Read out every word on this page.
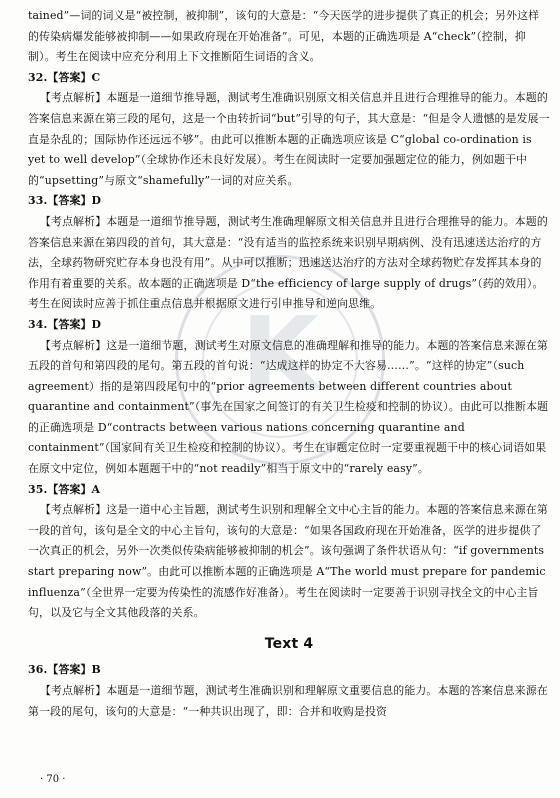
K

tained”—词的词义是“被控制，被抑制”，该句的大意是：“今天医学的进步提供了真正的机会；另外这样的传染病爆发能够被抑制——如果政府现在开始准备”。可见，本题的正确选项是 A“check”（控制，抑制）。考生在阅读中应充分利用上下文推断陌生词语的含义。

32.【答案】C

【考点解析】本题是一道细节推导题，测试考生准确识别原文相关信息并且进行合理推导的能力。本题的答案信息来源在第三段的尾句，这是一个由转折词“but”引导的句子，其大意是：“但是令人遗憾的是发展一直是杂乱的；国际协作还远远不够”。由此可以推断本题的正确选项应该是 C“global co-ordination is yet to well develop”（全球协作还未良好发展）。考生在阅读时一定要加强题定位的能力，例如题干中的“upsetting”与原文“shamefully”一词的对应关系。

33.【答案】D

【考点解析】本题是一道细节推导题，测试考生准确理解原文相关信息并且进行合理推导的能力。本题的答案信息来源在第四段的首句，其大意是：“没有适当的监控系统来识别早期病例、没有迅速送达治疗的方法，全球药物研究贮存本身也没有用”。从中可以推断；迅速送达治疗的方法对全球药物贮存发挥其本身的作用有着重要的关系。故本题的正确选项是 D“the efficiency of large supply of drugs”（药的效用）。考生在阅读时应善于抓住重点信息并根据原文进行引申推导和逆向思维。

34.【答案】D

【考点解析】这是一道细节题，测试考生对原文信息的准确理解和推导的能力。本题的答案信息来源在第五段的首句和第四段的尾句。第五段的首句说：“达成这样的协定不大容易……”。“这样的协定”（such agreement）指的是第四段尾句中的“prior agreements between different countries about quarantine and containment”（事先在国家之间签订的有关卫生检疫和控制的协议）。由此可以推断本题的正确选项是 D“contracts between various nations concerning quarantine and containment”（国家间有关卫生检疫和控制的协议）。考生在审题定位时一定要重视题干中的核心词语如果在原文中定位，例如本题题干中的“not readily”相当于原文中的“rarely easy”。

35.【答案】A

【考点解析】这是一道中心主旨题，测试考生识别和理解全文中心主旨的能力。本题的答案信息来源在第一段的首句，该句是全文的中心主旨句，该句的大意是：“如果各国政府现在开始准备，医学的进步提供了一次真正的机会，另外一次类似传染病能够被抑制的机会”。该句强调了条件状语从句：“if governments start preparing now”。由此可以推断本题的正确选项是 A“The world must prepare for pandemic influenza”（全世界一定要为传染性的流感作好准备）。考生在阅读时一定要善于识别寻找全文的中心主旨句，以及它与全文其他段落的关系。

Text 4

36.【答案】B

【考点解析】本题是一道细节题，测试考生准确识别和理解原文重要信息的能力。本题的答案信息来源在第一段的尾句，该句的大意是：“一种共识出现了，即：合并和收购是投资

· 70 ·
